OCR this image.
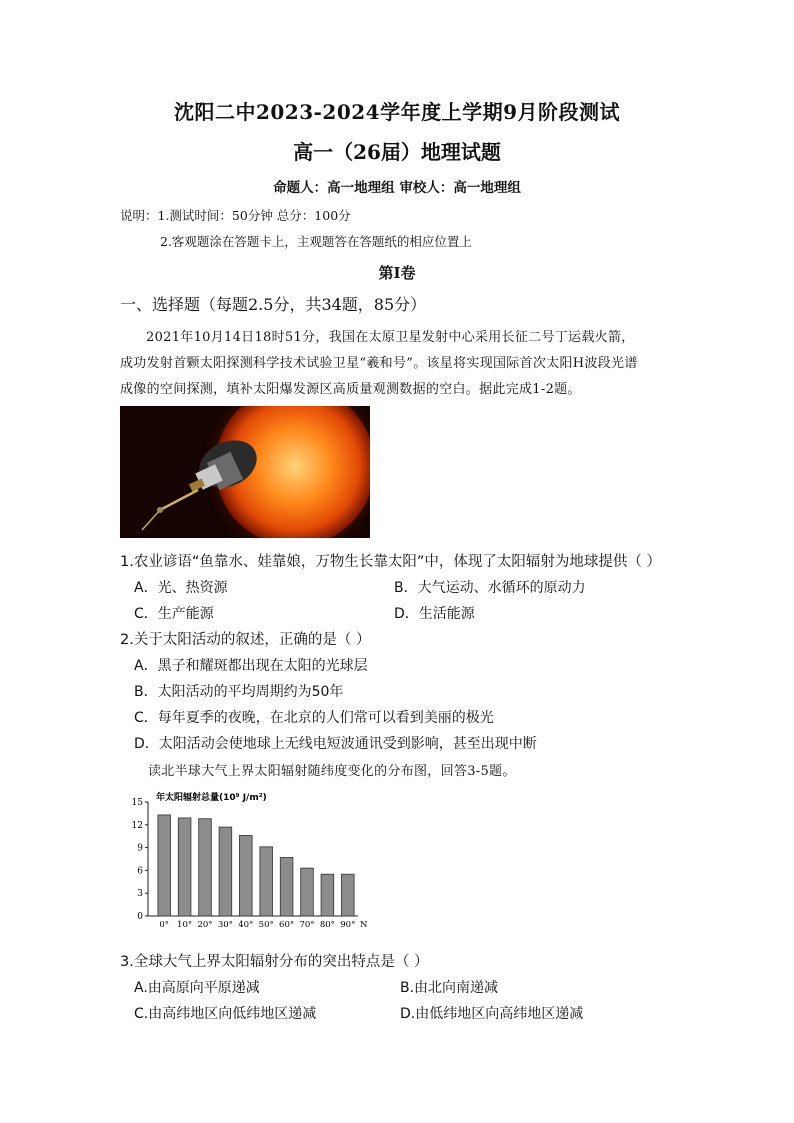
沈阳二中2023-2024学年度上学期9月阶段测试
高一（26届）地理试题
命题人：高一地理组 审校人：高一地理组
说明：1.测试时间：50分钟 总分：100分
2.客观题涂在答题卡上，主观题答在答题纸的相应位置上
第Ⅰ卷
一、选择题（每题2.5分，共34题，85分）
2021年10月14日18时51分，我国在太原卫星发射中心采用长征二号丁运载火箭，
成功发射首颗太阳探测科学技术试验卫星“羲和号”。该星将实现国际首次太阳H波段光谱
成像的空间探测，填补太阳爆发源区高质量观测数据的空白。据此完成1-2题。
1.农业谚语“鱼靠水、娃靠娘，万物生长靠太阳”中，体现了太阳辐射为地球提供（ ）
A．光、热资源	B．大气运动、水循环的原动力
C．生产能源	D．生活能源
2.关于太阳活动的叙述，正确的是（ ）
A．黑子和耀斑都出现在太阳的光球层
B．太阳活动的平均周期约为50年
C．每年夏季的夜晚，在北京的人们常可以看到美丽的极光
D．太阳活动会使地球上无线电短波通讯受到影响，甚至出现中断
读北半球大气上界太阳辐射随纬度变化的分布图，回答3-5题。
年太阳辐射总量(10⁹ J/m²)
0
3
6
9
12
15
0° 10° 20° 30° 40° 50° 60° 70° 80° 90° N
3.全球大气上界太阳辐射分布的突出特点是（ ）
A.由高原向平原递减	B.由北向南递减
C.由高纬地区向低纬地区递减	D.由低纬地区向高纬地区递减
